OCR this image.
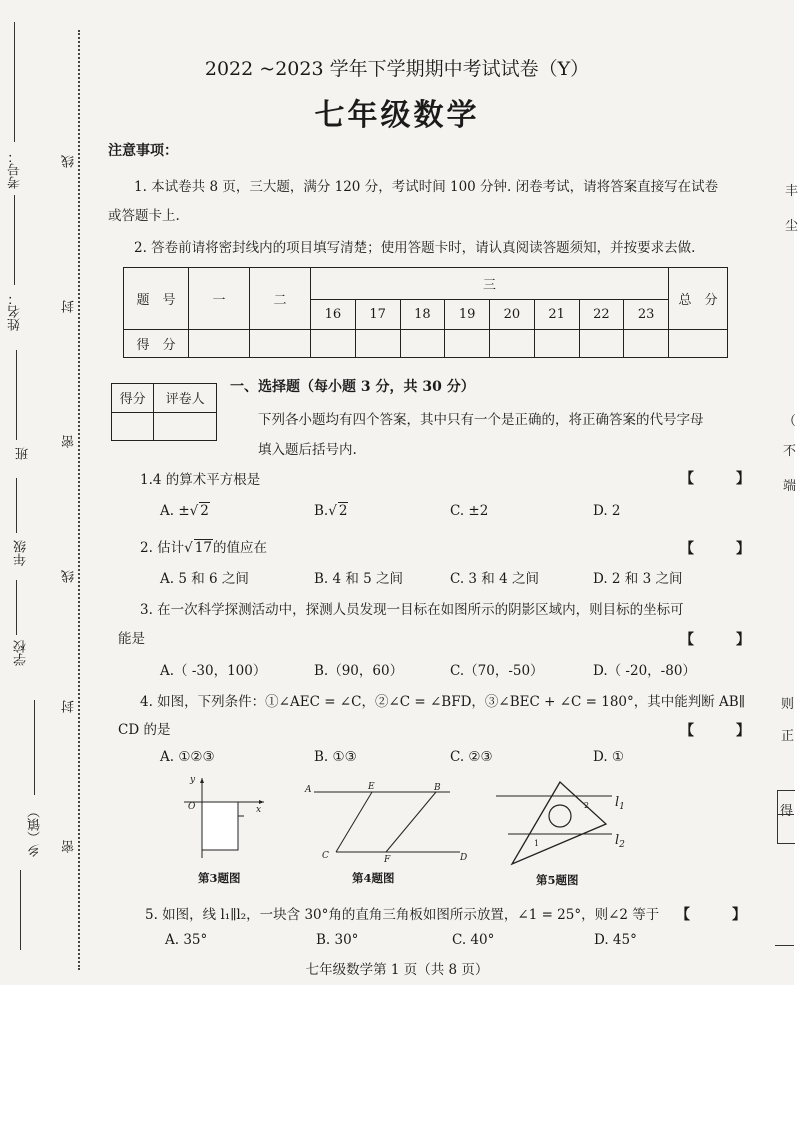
考号：
姓名：
班
年级
学校
乡（镇）
线
封
密
线
封
密
2022 ~2023 学年下学期期中考试试卷（Y）
七年级数学
注意事项：
1. 本试卷共 8 页，三大题，满分 120 分，考试时间 100 分钟. 闭卷考试，请将答案直接写在试卷
或答题卡上.
2. 答卷前请将密封线内的项目填写清楚；使用答题卡时，请认真阅读答题须知，并按要求去做.
题　号	一	二	三								总　分
			16	17	18	19	20	21	22	23	
得　分											
得分	评卷人

一、选择题（每小题 3 分，共 30 分）
下列各小题均有四个答案，其中只有一个是正确的，将正确答案的代号字母
填入题后括号内.
1.4 的算术平方根是	【　　　】
A. ±√ 2	B.√ 2	C. ±2	D. 2
2. 估计√ 17的值应在	【　　　】
A. 5 和 6 之间	B. 4 和 5 之间	C. 3 和 4 之间	D. 2 和 3 之间
3. 在一次科学探测活动中，探测人员发现一目标在如图所示的阴影区域内，则目标的坐标可
能是	【　　　】
A.（ -30，100）	B.（90，60）	C.（70，-50）	D.（ -20，-80）
4. 如图，下列条件：①∠AEC = ∠C，②∠C = ∠BFD，③∠BEC + ∠C = 180°，其中能判断 AB∥
CD 的是	【　　　】
A. ①②③	B. ①③	C. ②③	D. ①
y
O	x
第3题图
A	E	B
C	F	D
第4题图
2
1
$l_1$
$l_2$
第5题图
5. 如图，线 l₁∥l₂，一块含 30°角的直角三角板如图所示放置，∠1 = 25°，则∠2 等于 【　　　】
A. 35°	B. 30°	C. 40°	D. 45°
七年级数学第 1 页（共 8 页）
丰
尘
（
不
端
则
正
得
